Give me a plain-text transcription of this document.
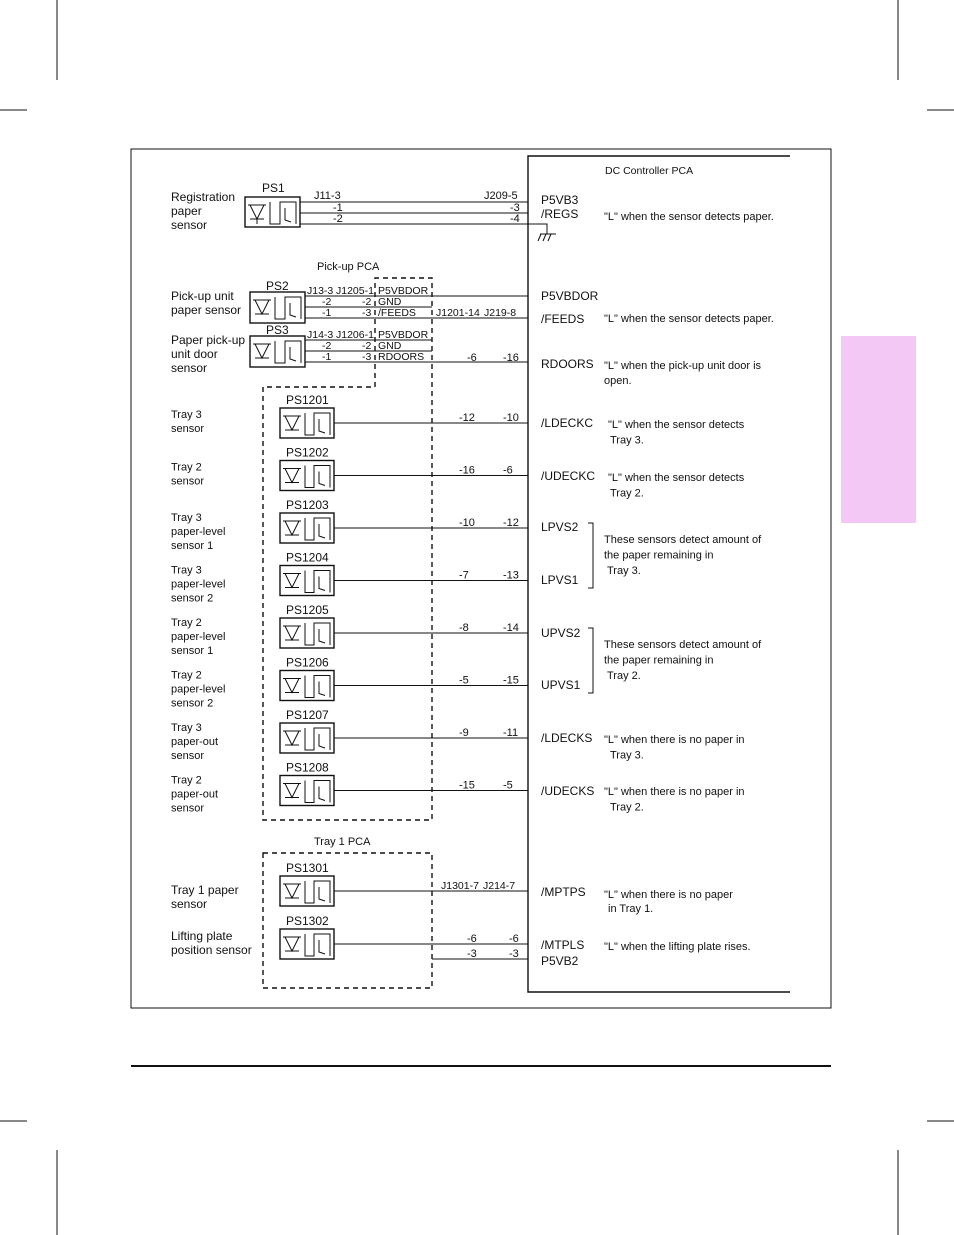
DC Controller PCA
Registration
paper
sensor
PS1
J11-3	J209-5
-1
-2
-3
-4
P5VB3
/REGS "L" when the sensor detects paper.
Pick-up PCA
Pick-up unit
paper sensor
PS2 J13-3 J1205-1
-2
-1
-2
-3
P5VBDOR
GND
/FEEDS J1201-14 J219-8
P5VBDOR
/FEEDS "L" when the sensor detects paper.
Paper pick-up
unit door
sensor
PS3 J14-3 J1206-1
-2
-1
-2
-3
P5VBDOR
GND
RDOORS	-6 -16 RDOORS "L" when the pick-up unit door is
open.
Tray 3
sensor
PS1201
-12	-10
Tray 2
sensor
PS1202
-16	-6
Tray 3
paper-level
sensor 1
PS1203
-10	-12
Tray 3
paper-level
sensor 2
PS1204
-7	-13
Tray 2
paper-level
sensor 1
PS1205
-8	-14
Tray 2
paper-level
sensor 2
PS1206
-5	-15
Tray 3
paper-out
sensor
PS1207
-9	-11
Tray 2
paper-out
sensor
PS1208
-15	-5
/LDECKC "L" when the sensor detects
Tray 3.
/UDECKC "L" when the sensor detects
Tray 2.
LPVS2
These sensors detect amount of
the paper remaining in
Tray 3.
LPVS1
UPVS2
These sensors detect amount of
the paper remaining in
Tray 2.
UPVS1
/LDECKS "L" when there is no paper in
Tray 3.
/UDECKS "L" when there is no paper in
Tray 2.
Tray 1 PCA
Tray 1 paper
sensor
PS1301
J1301-7 J214-7 /MPTPS "L" when there is no paper
in Tray 1.
Lifting plate
position sensor
PS1302
-6
-3
-6
-3
/MTPLS
P5VB2
"L" when the lifting plate rises.
